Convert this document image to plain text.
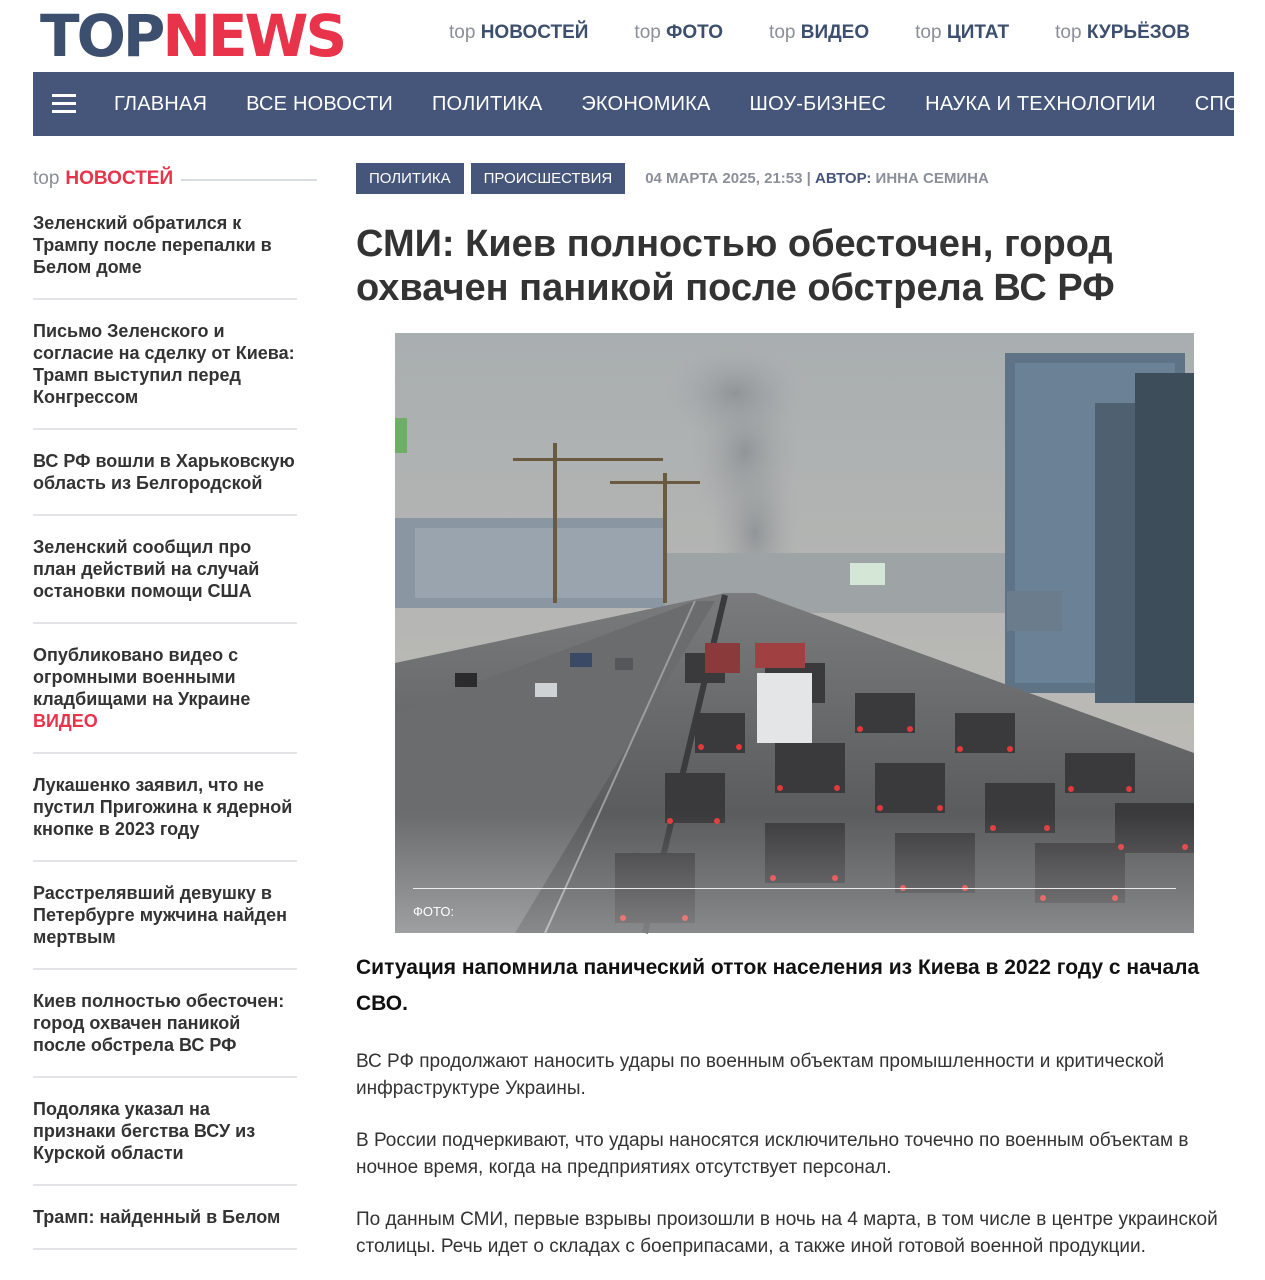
TOPNEWS	top НОВОСТЕЙ top ФОТО top ВИДЕО top ЦИТАТ top КУРЬЁЗОВ
ГЛАВНАЯ ВСЕ НОВОСТИ ПОЛИТИКА ЭКОНОМИКА ШОУ-БИЗНЕС НАУКА И ТЕХНОЛОГИИ СПОРТ
top НОВОСТЕЙ
Зеленский обратился к Трампу после перепалки в Белом доме
Письмо Зеленского и согласие на сделку от Киева: Трамп выступил перед Конгрессом
ВС РФ вошли в Харьковскую область из Белгородской
Зеленский сообщил про план действий на случай остановки помощи США
Опубликовано видео с огромными военными кладбищами на Украине
ВИДЕО
Лукашенко заявил, что не пустил Пригожина к ядерной кнопке в 2023 году
Расстрелявший девушку в Петербурге мужчина найден мертвым
Киев полностью обесточен: город охвачен паникой после обстрела ВС РФ
Подоляка указал на признаки бегства ВСУ из Курской области
Трамп: найденный в Белом
ПОЛИТИКА	ПРОИСШЕСТВИЯ	04 МАРТА 2025, 21:53 | АВТОР: ИННА СЕМИНА
СМИ: Киев полностью обесточен, город охвачен паникой после обстрела ВС РФ
ФОТО:
Ситуация напомнила панический отток населения из Киева в 2022 году с начала СВО.

ВС РФ продолжают наносить удары по военным объектам промышленности и критической инфраструктуре Украины.

В России подчеркивают, что удары наносятся исключительно точечно по военным объектам в ночное время, когда на предприятиях отсутствует персонал.

По данным СМИ, первые взрывы произошли в ночь на 4 марта, в том числе в центре украинской столицы. Речь идет о складах с боеприпасами, а также иной готовой военной продукции.
